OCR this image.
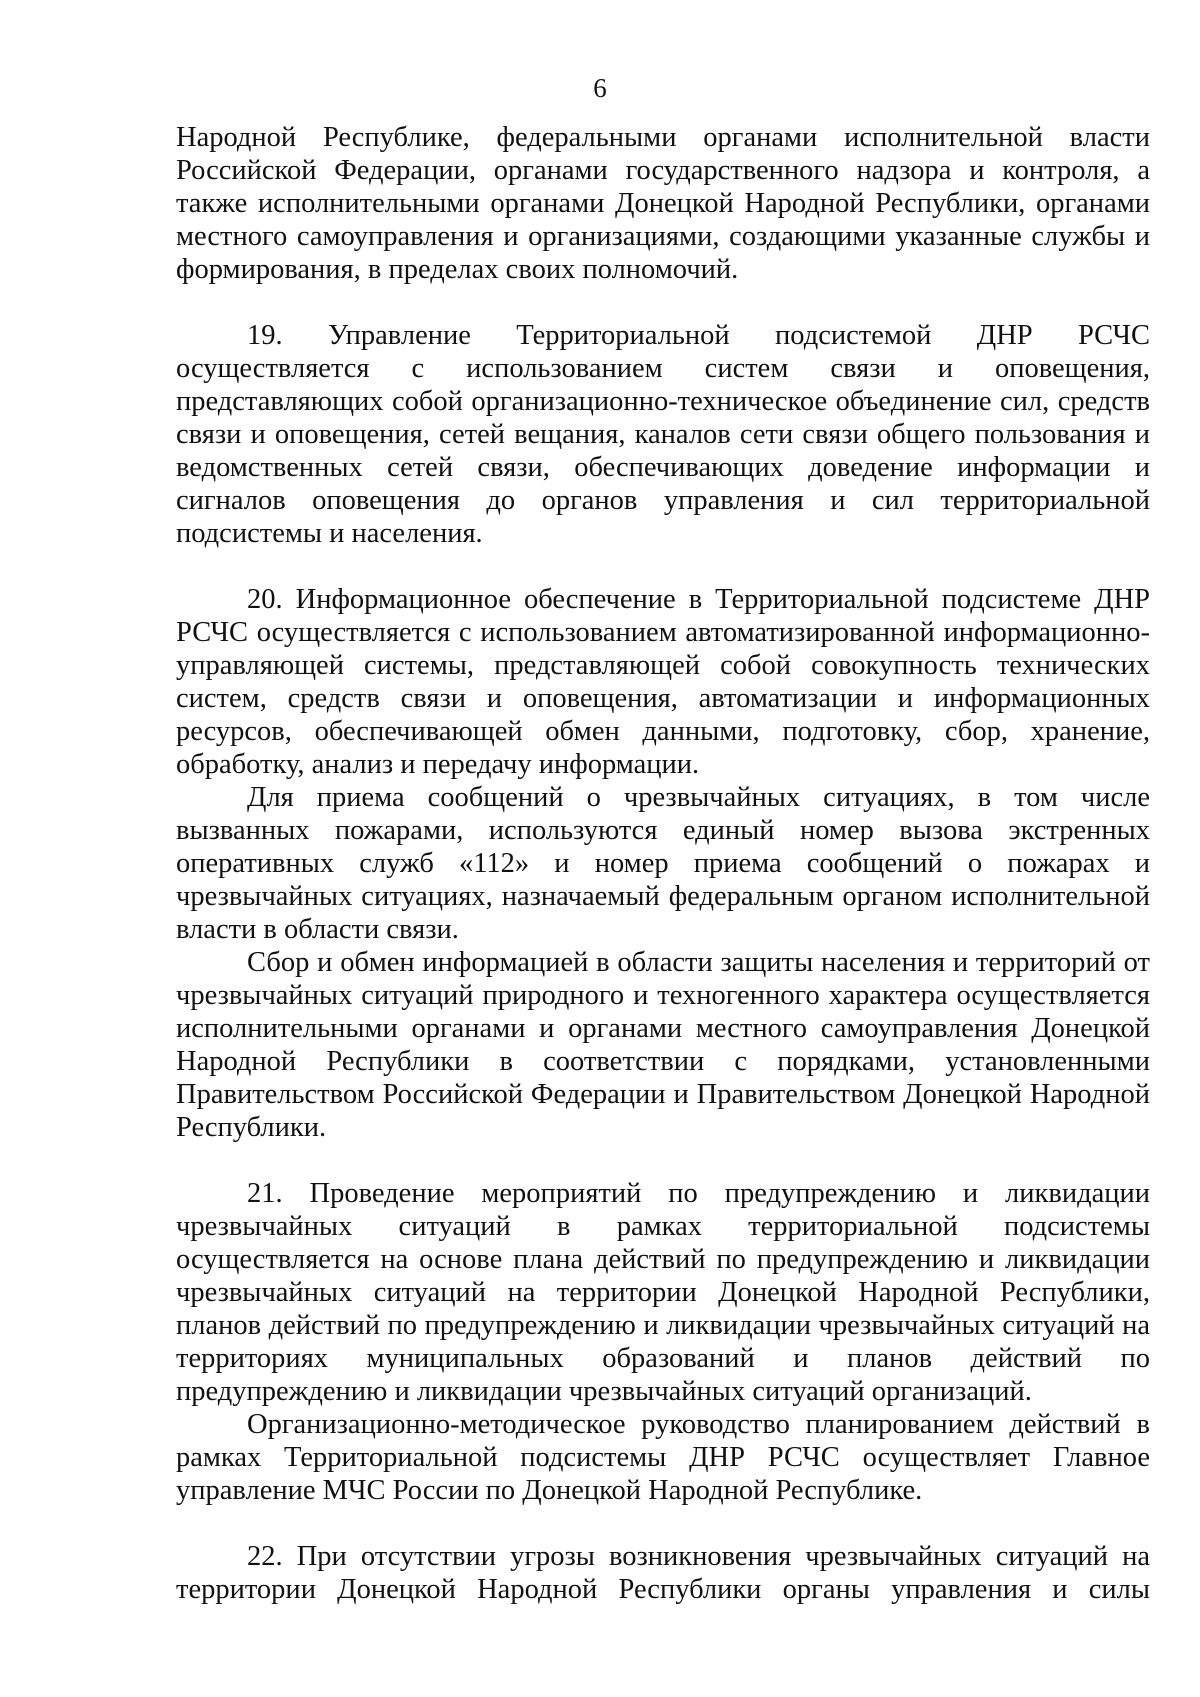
6

Народной Республике, федеральными органами исполнительной власти Российской Федерации, органами государственного надзора и контроля, а также исполнительными органами Донецкой Народной Республики, органами местного самоуправления и организациями, создающими указанные службы и формирования, в пределах своих полномочий.

19. Управление Территориальной подсистемой ДНР РСЧС осуществляется с использованием систем связи и оповещения, представляющих собой организационно-техническое объединение сил, средств связи и оповещения, сетей вещания, каналов сети связи общего пользования и ведомственных сетей связи, обеспечивающих доведение информации и сигналов оповещения до органов управления и сил территориальной подсистемы и населения.

20. Информационное обеспечение в Территориальной подсистеме ДНР РСЧС осуществляется с использованием автоматизированной информационно-управляющей системы, представляющей собой совокупность технических систем, средств связи и оповещения, автоматизации и информационных ресурсов, обеспечивающей обмен данными, подготовку, сбор, хранение, обработку, анализ и передачу информации.

Для приема сообщений о чрезвычайных ситуациях, в том числе вызванных пожарами, используются единый номер вызова экстренных оперативных служб «112» и номер приема сообщений о пожарах и чрезвычайных ситуациях, назначаемый федеральным органом исполнительной власти в области связи.

Сбор и обмен информацией в области защиты населения и территорий от чрезвычайных ситуаций природного и техногенного характера осуществляется исполнительными органами и органами местного самоуправления Донецкой Народной Республики в соответствии с порядками, установленными Правительством Российской Федерации и Правительством Донецкой Народной Республики.

21. Проведение мероприятий по предупреждению и ликвидации чрезвычайных ситуаций в рамках территориальной подсистемы осуществляется на основе плана действий по предупреждению и ликвидации чрезвычайных ситуаций на территории Донецкой Народной Республики, планов действий по предупреждению и ликвидации чрезвычайных ситуаций на территориях муниципальных образований и планов действий по предупреждению и ликвидации чрезвычайных ситуаций организаций.

Организационно-методическое руководство планированием действий в рамках Территориальной подсистемы ДНР РСЧС осуществляет Главное управление МЧС России по Донецкой Народной Республике.

22. При отсутствии угрозы возникновения чрезвычайных ситуаций на территории Донецкой Народной Республики органы управления и силы
